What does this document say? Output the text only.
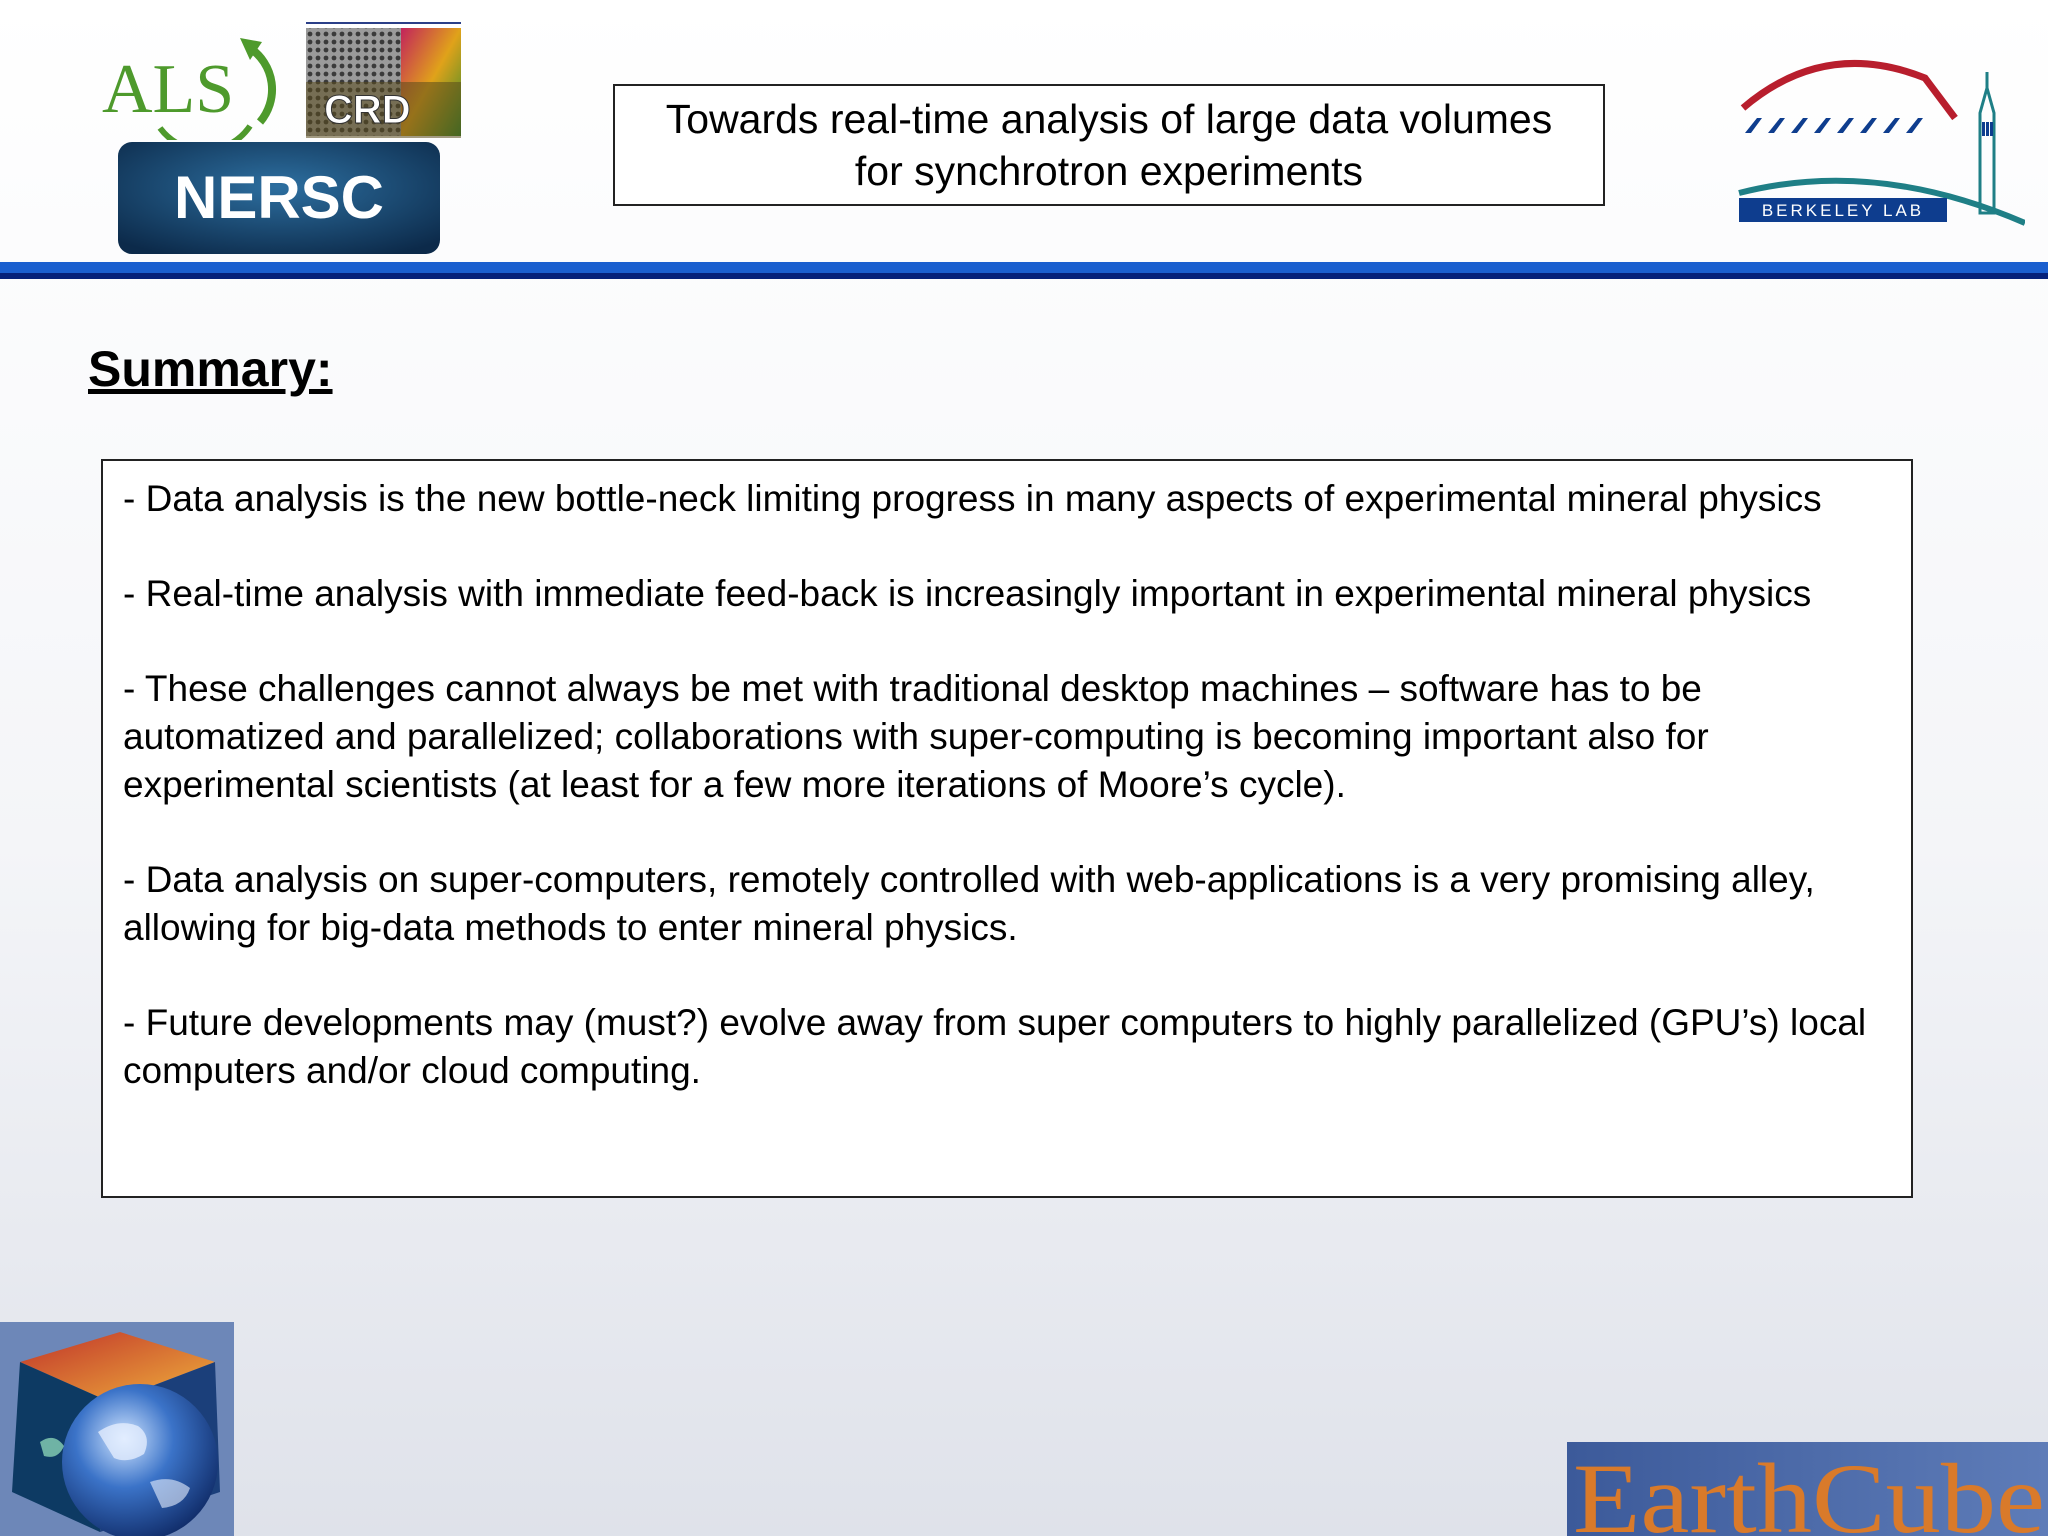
ALS CRD
NERSC
Towards real-time analysis of large data volumes
for synchrotron experiments
BERKELEY LAB
Summary:

- Data analysis is the new bottle-neck limiting progress in many aspects of experimental mineral physics

- Real-time analysis with immediate feed-back is increasingly important in experimental mineral physics

- These challenges cannot always be met with traditional desktop machines – software has to be automatized and parallelized; collaborations with super-computing is becoming important also for experimental scientists (at least for a few more iterations of Moore’s cycle).

- Data analysis on super-computers, remotely controlled with web-applications is a very promising alley, allowing for big-data methods to enter mineral physics.

- Future developments may (must?) evolve away from super computers to highly parallelized (GPU’s) local computers and/or cloud computing.

EarthCube
